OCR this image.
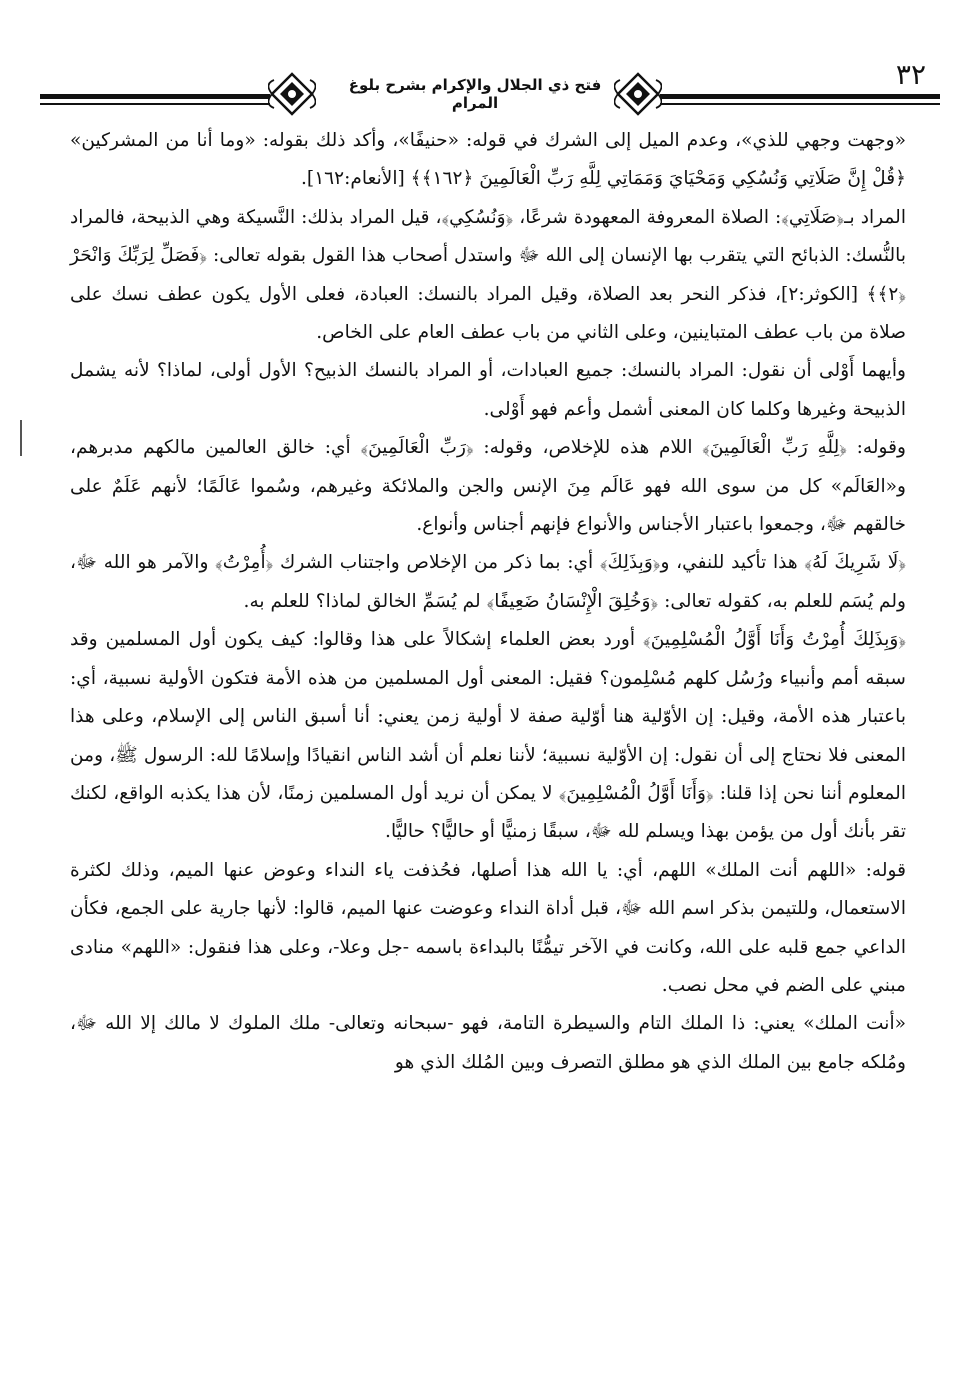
فتح ذي الجلال والإكرام بشرح بلوغ المرام
٣٢

«وجهت وجهي للذي»، وعدم الميل إلى الشرك في قوله: «حنيفًا»، وأكد ذلك بقوله: «وما أنا من المشركين» ﴿قُلْ إِنَّ صَلَاتِي وَنُسُكِي وَمَحْيَايَ وَمَمَاتِي لِلَّهِ رَبِّ الْعَالَمِينَ ﴿١٦٢﴾﴾ [الأنعام:١٦٢].

المراد بـ﴿صَلَاتِي﴾: الصلاة المعروفة المعهودة شرعًا، ﴿وَنُسُكِي﴾، قيل المراد بذلك: النَّسيكة وهي الذبيحة، فالمراد بالنُّسك: الذبائح التي يتقرب بها الإنسان إلى الله ﷻ واستدل أصحاب هذا القول بقوله تعالى: ﴿فَصَلِّ لِرَبِّكَ وَانْحَرْ ﴿٢﴾﴾ [الكوثر:٢]، فذكر النحر بعد الصلاة، وقيل المراد بالنسك: العبادة، فعلى الأول يكون عطف نسك على صلاة من باب عطف المتباينين، وعلى الثاني من باب عطف العام على الخاص.

وأيهما أَوْلى أن نقول: المراد بالنسك: جميع العبادات، أو المراد بالنسك الذبيح؟ الأول أولى، لماذا؟ لأنه يشمل الذبيحة وغيرها وكلما كان المعنى أشمل وأعم فهو أَوْلى.

وقوله: ﴿لِلَّهِ رَبِّ الْعَالَمِينَ﴾ اللام هذه للإخلاص، وقوله: ﴿رَبِّ الْعَالَمِينَ﴾ أي: خالق العالمين مالكهم مدبرهم، و«العَالَم» كل من سوى الله فهو عَالَم مِنَ الإنس والجن والملائكة وغيرهم، وسُموا عَالَمًا؛ لأنهم عَلَمٌ على خالقهم ﷻ، وجمعوا باعتبار الأجناس والأنواع فإنهم أجناس وأنواع.

﴿لَا شَرِيكَ لَهُ﴾ هذا تأكيد للنفي، و﴿وَبِذَلِكَ﴾ أي: بما ذكر من الإخلاص واجتناب الشرك ﴿أُمِرْتُ﴾ والآمر هو الله ﷻ، ولم يُسَم للعلم به، كقوله تعالى: ﴿وَخُلِقَ الْإِنْسَانُ ضَعِيفًا﴾ لم يُسَمِّ الخالق لماذا؟ للعلم به.

﴿وَبِذَلِكَ أُمِرْتُ وَأَنَا أَوَّلُ الْمُسْلِمِينَ﴾ أورد بعض العلماء إشكالاً على هذا وقالوا: كيف يكون أول المسلمين وقد سبقه أمم وأنبياء ورُسُل كلهم مُسْلِمون؟ فقيل: المعنى أول المسلمين من هذه الأمة فتكون الأولية نسبية، أي: باعتبار هذه الأمة، وقيل: إن الأوّلية هنا أوّلية صفة لا أولية زمن يعني: أنا أسبق الناس إلى الإسلام، وعلى هذا المعنى فلا نحتاج إلى أن نقول: إن الأوّلية نسبية؛ لأننا نعلم أن أشد الناس انقيادًا وإسلامًا لله: الرسول ﷺ، ومن المعلوم أننا نحن إذا قلنا: ﴿وَأَنَا أَوَّلُ الْمُسْلِمِينَ﴾ لا يمكن أن نريد أول المسلمين زمنًا، لأن هذا يكذبه الواقع، لكنك تقر بأنك أول من يؤمن بهذا ويسلم لله ﷻ، سبقًا زمنيًّا أو حاليًّا؟ حاليًّا.

قوله: «اللهم أنت الملك» اللهم، أي: يا الله هذا أصلها، فحُذفت ياء النداء وعوض عنها الميم، وذلك لكثرة الاستعمال، وللتيمن بذكر اسم الله ﷻ، قبل أداة النداء وعوضت عنها الميم، قالوا: لأنها جارية على الجمع، فكأن الداعي جمع قلبه على الله، وكانت في الآخر تيمُّنًا بالبداءة باسمه -جل وعلا-، وعلى هذا فنقول: «اللهم» منادى مبني على الضم في محل نصب.

«أنت الملك» يعني: ذا الملك التام والسيطرة التامة، فهو -سبحانه وتعالى- ملك الملوك لا مالك إلا الله ﷻ، ومُلكه جامع بين الملك الذي هو مطلق التصرف وبين المُلك الذي هو
